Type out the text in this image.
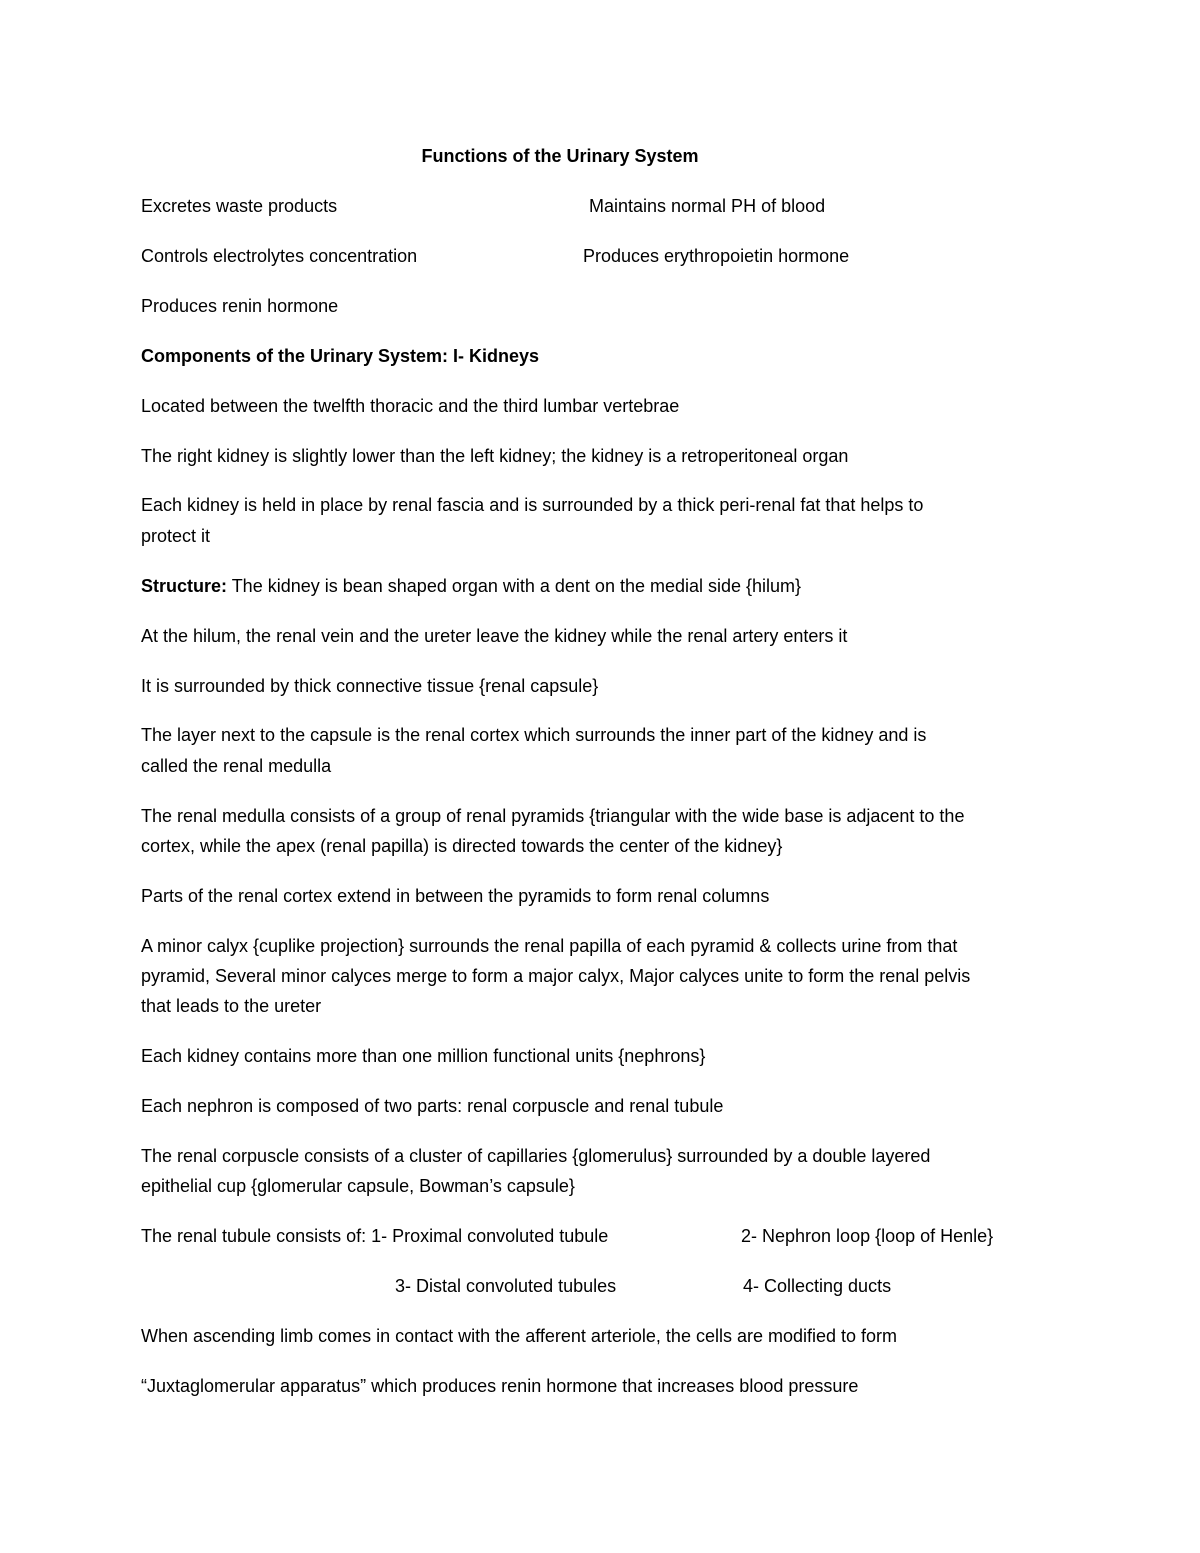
Functions of the Urinary System
Excretes waste products	Maintains normal PH of blood
Controls electrolytes concentration	Produces erythropoietin hormone
Produces renin hormone
Components of the Urinary System: I- Kidneys
Located between the twelfth thoracic and the third lumbar vertebrae
The right kidney is slightly lower than the left kidney; the kidney is a retroperitoneal organ
Each kidney is held in place by renal fascia and is surrounded by a thick peri-renal fat that helps to
protect it
Structure: The kidney is bean shaped organ with a dent on the medial side {hilum}
At the hilum, the renal vein and the ureter leave the kidney while the renal artery enters it
It is surrounded by thick connective tissue {renal capsule}
The layer next to the capsule is the renal cortex which surrounds the inner part of the kidney and is
called the renal medulla
The renal medulla consists of a group of renal pyramids {triangular with the wide base is adjacent to the
cortex, while the apex (renal papilla) is directed towards the center of the kidney}
Parts of the renal cortex extend in between the pyramids to form renal columns
A minor calyx {cuplike projection} surrounds the renal papilla of each pyramid & collects urine from that
pyramid, Several minor calyces merge to form a major calyx, Major calyces unite to form the renal pelvis
that leads to the ureter
Each kidney contains more than one million functional units {nephrons}
Each nephron is composed of two parts: renal corpuscle and renal tubule
The renal corpuscle consists of a cluster of capillaries {glomerulus} surrounded by a double layered
epithelial cup {glomerular capsule, Bowman’s capsule}
The renal tubule consists of: 1- Proximal convoluted tubule	2- Nephron loop {loop of Henle}
3- Distal convoluted tubules	4- Collecting ducts
When ascending limb comes in contact with the afferent arteriole, the cells are modified to form
“Juxtaglomerular apparatus” which produces renin hormone that increases blood pressure
